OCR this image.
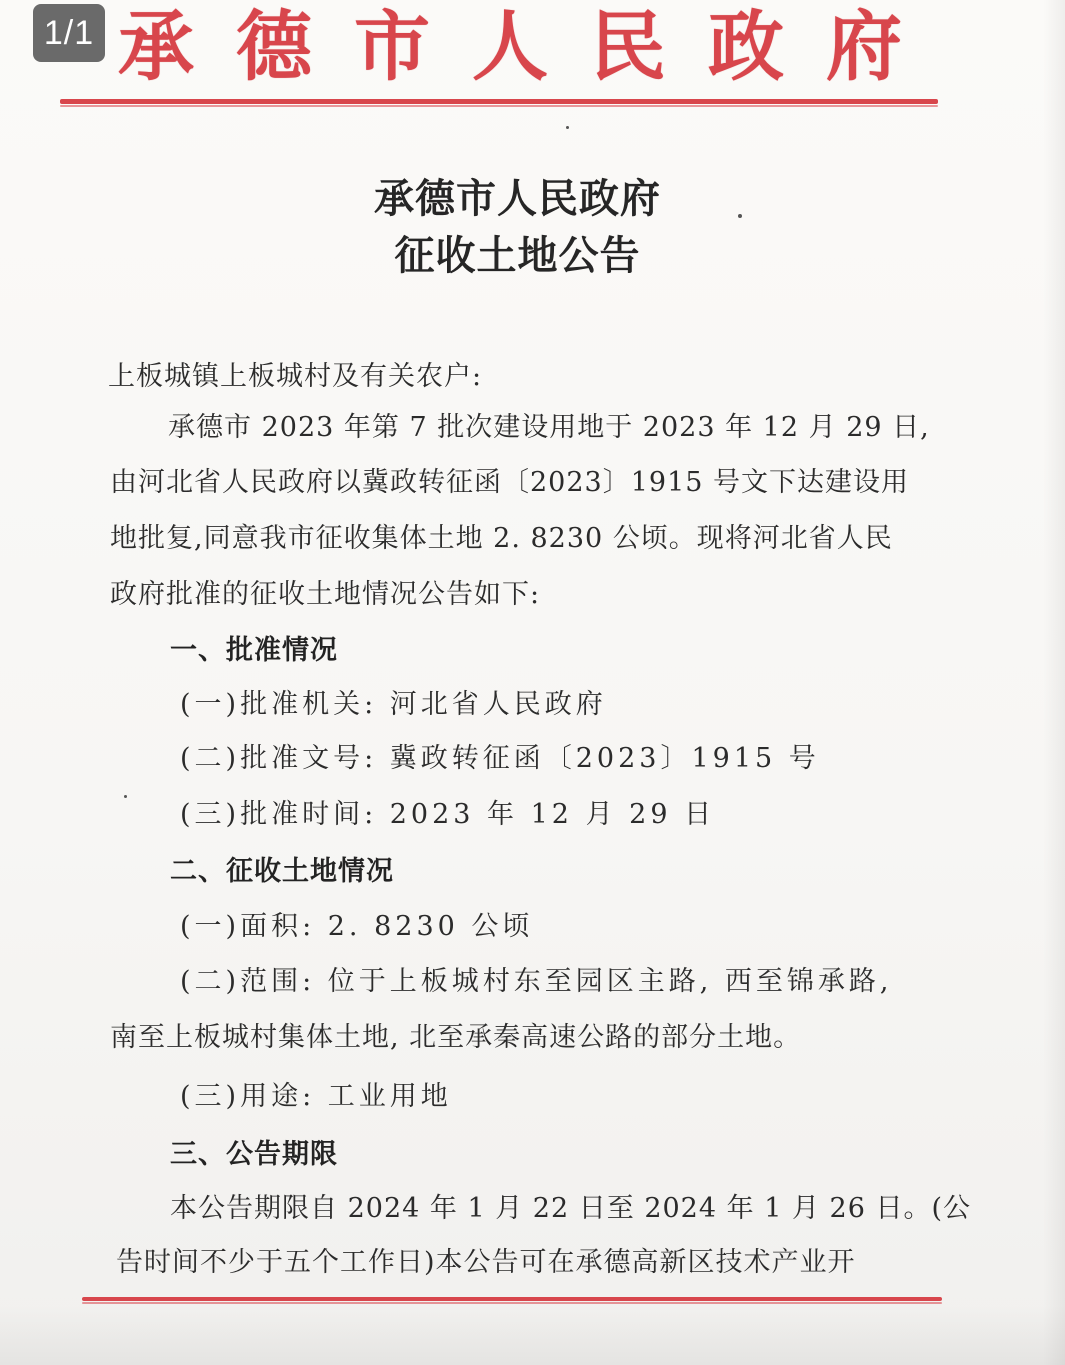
1/1 承德市人民政府
承德市人民政府
征收土地公告
上板城镇上板城村及有关农户:
承德市 2023 年第 7 批次建设用地于 2023 年 12 月 29 日,
由河北省人民政府以冀政转征函〔2023〕1915 号文下达建设用
地批复,同意我市征收集体土地 2. 8230 公顷。现将河北省人民
政府批准的征收土地情况公告如下:
一、批准情况
(一)批准机关: 河北省人民政府
(二)批准文号: 冀政转征函〔2023〕1915 号
(三)批准时间: 2023 年 12 月 29 日
二、征收土地情况
(一)面积: 2. 8230 公顷
(二)范围: 位于上板城村东至园区主路, 西至锦承路,
南至上板城村集体土地, 北至承秦高速公路的部分土地。
(三)用途: 工业用地
三、公告期限
本公告期限自 2024 年 1 月 22 日至 2024 年 1 月 26 日。(公
告时间不少于五个工作日)本公告可在承德高新区技术产业开
